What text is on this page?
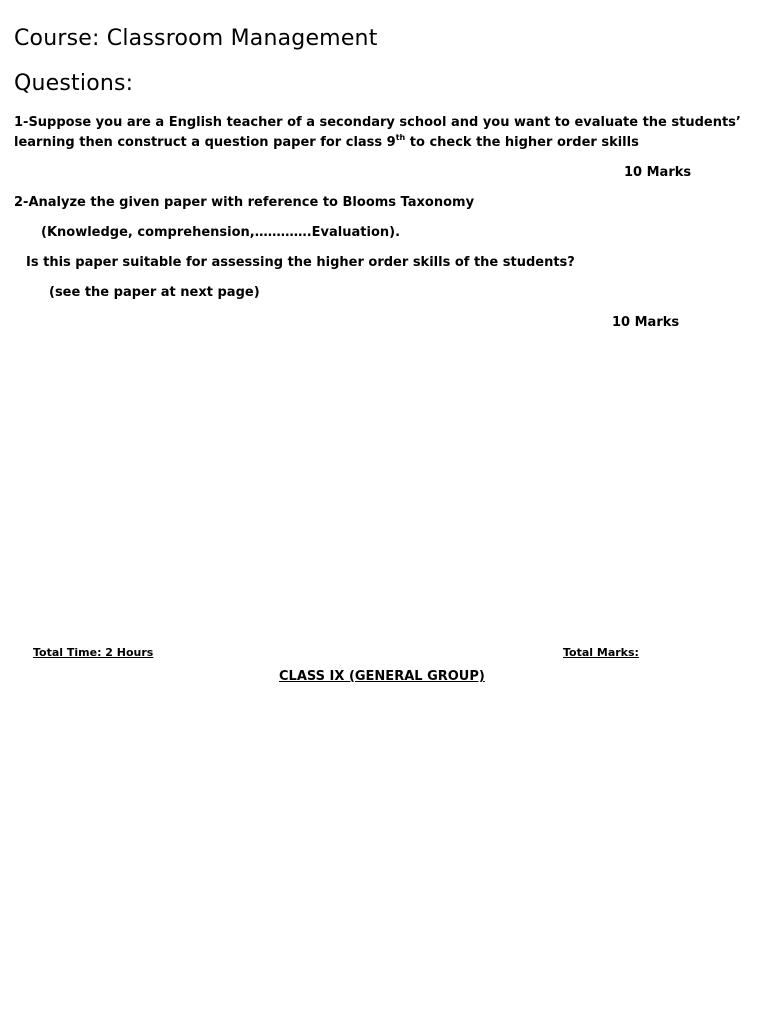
Course: Classroom Management
Questions:
1-Suppose you are a English teacher of a secondary school and you want to evaluate the students’
learning then construct a question paper for class 9th to check the higher order skills
10 Marks
2-Analyze the given paper with reference to Blooms Taxonomy
(Knowledge, comprehension,………….Evaluation).
Is this paper suitable for assessing the higher order skills of the students?
(see the paper at next page)
10 Marks
Total Time: 2 Hours	Total Marks:
CLASS IX (GENERAL GROUP)
